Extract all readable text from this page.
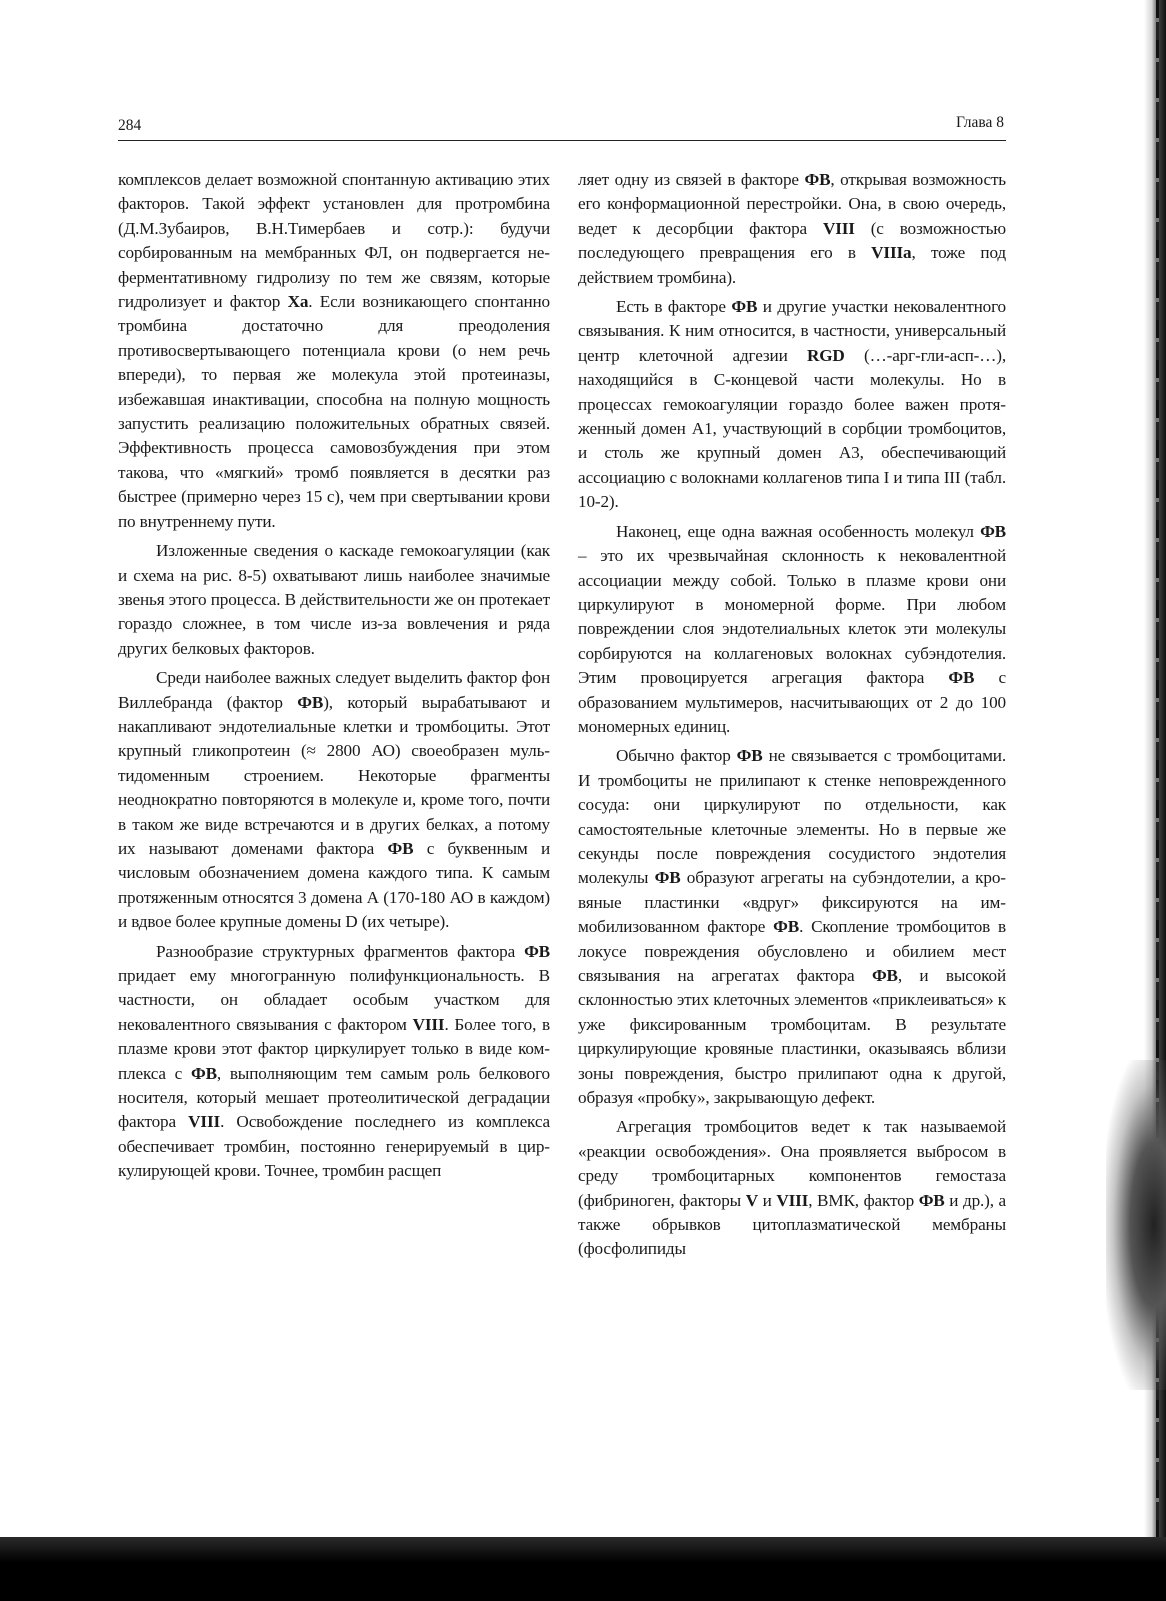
284	Глава 8

комплексов делает возможной спонтанную активацию этих факторов. Такой эффект установлен для протромбина (Д.М.Зубаиров, В.Н.Тимербаев и сотр.): будучи сорбированным на мембранных ФЛ, он подвергается неферментативному гидролизу по тем же связям, которые гидролизует и фактор Ха. Если возникающего спонтанно тромбина достаточно для преодоления противосвертывающего потенциала крови (о нем речь впереди), то первая же молекула этой протеиназы, избежавшая инактивации, способна на полную мощность запустить реализацию положительных обратных связей. Эффективность процесса самовозбуждения при этом такова, что «мягкий» тромб появляется в десятки раз быстрее (примерно через 15 с), чем при свертывании крови по внутреннему пути.

Изложенные сведения о каскаде гемокоагуляции (как и схема на рис. 8-5) охватывают лишь наиболее значимые звенья этого процесса. В действительности же он протекает гораздо сложнее, в том числе из-за вовлечения и ряда других белковых факторов.

Среди наиболее важных следует выделить фактор фон Виллебранда (фактор ФВ), который вырабатывают и накапливают эндотелиальные клетки и тромбоциты. Этот крупный гликопротеин (≈ 2800 АО) своеобразен мультидоменным строением. Некоторые фрагменты неоднократно повторяются в молекуле и, кроме того, почти в таком же виде встречаются и в других белках, а потому их называют доменами фактора ФВ с буквенным и числовым обозначением домена каждого типа. К самым протяженным относятся 3 домена А (170-180 АО в каждом) и вдвое более крупные домены D (их четыре).

Разнообразие структурных фрагментов фактора ФВ придает ему многогранную полифункциональность. В частности, он обладает особым участком для нековалентного связывания с фактором VIII. Более того, в плазме крови этот фактор циркулирует только в виде комплекса с ФВ, выполняющим тем самым роль белкового носителя, который мешает протеолитической деградации фактора VIII. Освобождение последнего из комплекса обеспечивает тромбин, постоянно генерируемый в циркулирующей крови. Точнее, тромбин расщеп

ляет одну из связей в факторе ФВ, открывая возможность его конформационной перестройки. Она, в свою очередь, ведет к десорбции фактора VIII (с возможностью последующего превращения его в VIIIа, тоже под действием тромбина).

Есть в факторе ФВ и другие участки нековалентного связывания. К ним относится, в частности, универсальный центр клеточной адгезии RGD (…-арг-гли-асп-…), находящийся в С-концевой части молекулы. Но в процессах гемокоагуляции гораздо более важен протяженный домен А1, участвующий в сорбции тромбоцитов, и столь же крупный домен А3, обеспечивающий ассоциацию с волокнами коллагенов типа I и типа III (табл. 10-2).

Наконец, еще одна важная особенность молекул ФВ – это их чрезвычайная склонность к нековалентной ассоциации между собой. Только в плазме крови они циркулируют в мономерной форме. При любом повреждении слоя эндотелиальных клеток эти молекулы сорбируются на коллагеновых волокнах субэндотелия. Этим провоцируется агрегация фактора ФВ с образованием мультимеров, насчитывающих от 2 до 100 мономерных единиц.

Обычно фактор ФВ не связывается с тромбоцитами. И тромбоциты не прилипают к стенке неповрежденного сосуда: они циркулируют по отдельности, как самостоятельные клеточные элементы. Но в первые же секунды после повреждения сосудистого эндотелия молекулы ФВ образуют агрегаты на субэндотелии, а кровяные пластинки «вдруг» фиксируются на иммобилизованном факторе ФВ. Скопление тромбоцитов в локусе повреждения обусловлено и обилием мест связывания на агрегатах фактора ФВ, и высокой склонностью этих клеточных элементов «приклеиваться» к уже фиксированным тромбоцитам. В результате циркулирующие кровяные пластинки, оказываясь вблизи зоны повреждения, быстро прилипают одна к другой, образуя «пробку», закрывающую дефект.

Агрегация тромбоцитов ведет к так называемой «реакции освобождения». Она проявляется выбросом в среду тромбоцитарных компонентов гемостаза (фибриноген, факторы V и VIII, ВМК, фактор ФВ и др.), а также обрывков цитоплазматической мембраны (фосфолипиды
